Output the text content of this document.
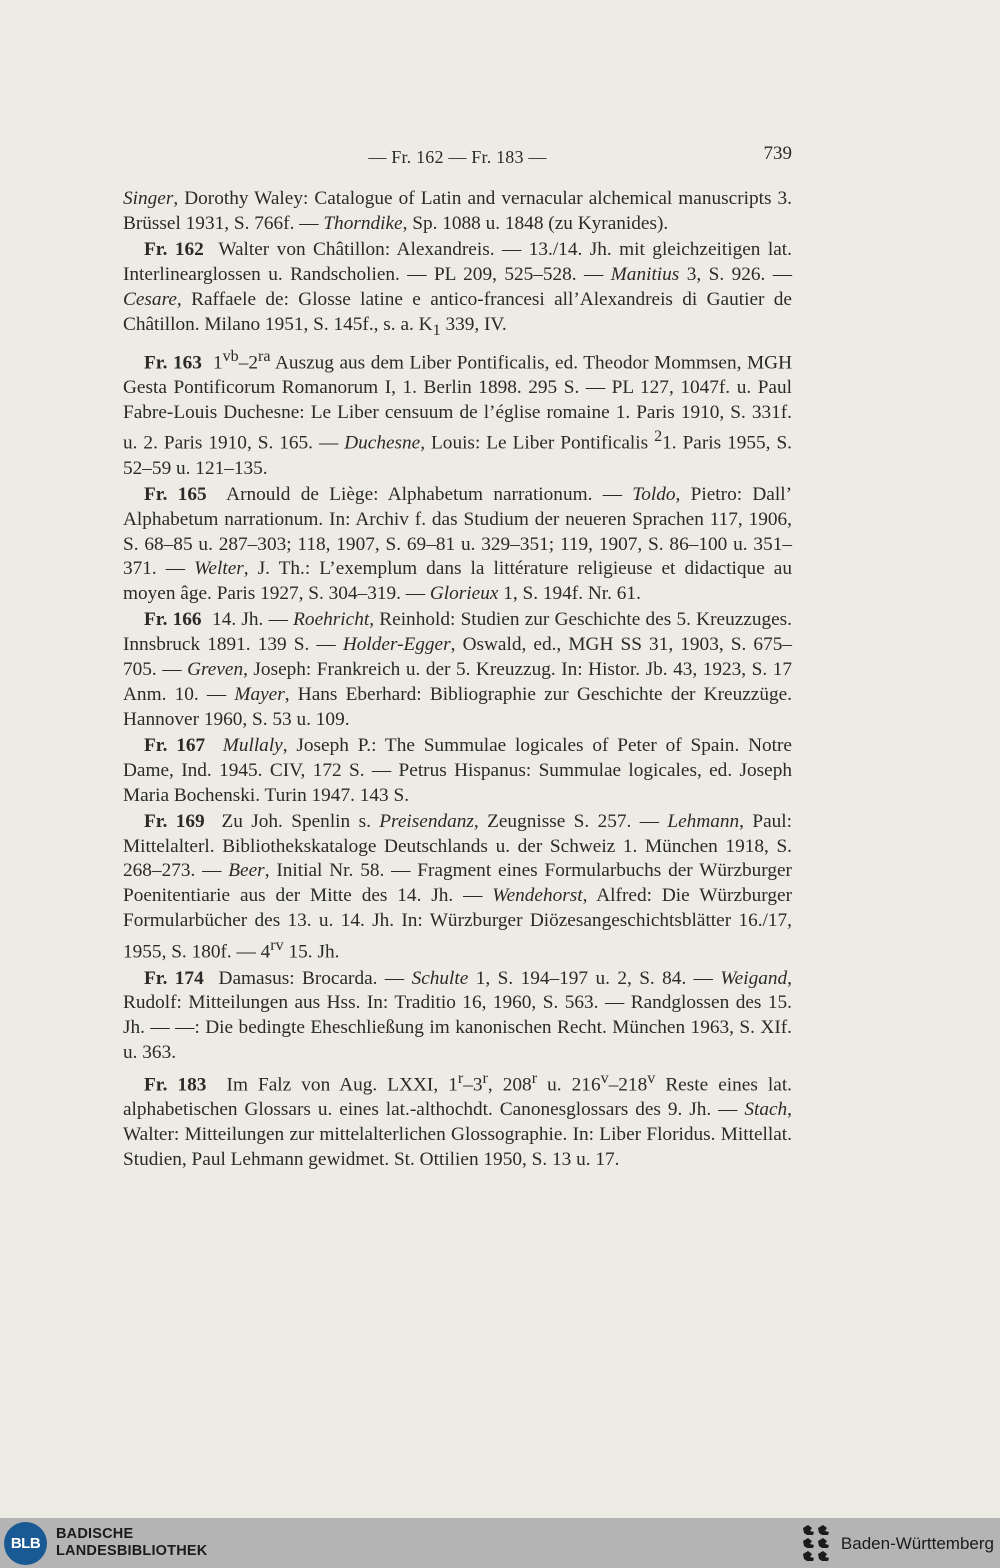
— Fr. 162 — Fr. 183 —	739

Singer, Dorothy Waley: Catalogue of Latin and vernacular alchemical manuscripts 3. Brüssel 1931, S. 766f. — Thorndike, Sp. 1088 u. 1848 (zu Kyranides).

Fr. 162  Walter von Châtillon: Alexandreis. — 13./14. Jh. mit gleichzeitigen lat. Interlinearglossen u. Randscholien. — PL 209, 525–528. — Manitius 3, S. 926. — Cesare, Raffaele de: Glosse latine e antico-francesi all’Alexandreis di Gautier de Châtillon. Milano 1951, S. 145f., s. a. $K_1$ 339, IV.

Fr. 163  $1^{vb}-2^{ra}$ Auszug aus dem Liber Pontificalis, ed. Theodor Mommsen, MGH Gesta Pontificorum Romanorum I, 1. Berlin 1898. 295 S. — PL 127, 1047f. u. Paul Fabre-Louis Duchesne: Le Liber censuum de l’église romaine 1. Paris 1910, S. 331f. u. 2. Paris 1910, S. 165. — Duchesne, Louis: Le Liber Pontificalis $^2$1. Paris 1955, S. 52–59 u. 121–135.

Fr. 165  Arnould de Liège: Alphabetum narrationum. — Toldo, Pietro: Dall’ Alphabetum narrationum. In: Archiv f. das Studium der neueren Sprachen 117, 1906, S. 68–85 u. 287–303; 118, 1907, S. 69–81 u. 329–351; 119, 1907, S. 86–100 u. 351–371. — Welter, J. Th.: L’exemplum dans la littérature religieuse et didactique au moyen âge. Paris 1927, S. 304–319. — Glorieux 1, S. 194f. Nr. 61.

Fr. 166  14. Jh. — Roehricht, Reinhold: Studien zur Geschichte des 5. Kreuzzuges. Innsbruck 1891. 139 S. — Holder-Egger, Oswald, ed., MGH SS 31, 1903, S. 675–705. — Greven, Joseph: Frankreich u. der 5. Kreuzzug. In: Histor. Jb. 43, 1923, S. 17 Anm. 10. — Mayer, Hans Eberhard: Bibliographie zur Geschichte der Kreuzzüge. Hannover 1960, S. 53 u. 109.

Fr. 167 Mullaly, Joseph P.: The Summulae logicales of Peter of Spain. Notre Dame, Ind. 1945. CIV, 172 S. — Petrus Hispanus: Summulae logicales, ed. Joseph Maria Bochenski. Turin 1947. 143 S.

Fr. 169  Zu Joh. Spenlin s. Preisendanz, Zeugnisse S. 257. — Lehmann, Paul: Mittelalterl. Bibliothekskataloge Deutschlands u. der Schweiz 1. München 1918, S. 268–273. — Beer, Initial Nr. 58. — Fragment eines Formularbuchs der Würzburger Poenitentiarie aus der Mitte des 14. Jh. — Wendehorst, Alfred: Die Würzburger Formularbücher des 13. u. 14. Jh. In: Würzburger Diözesangeschichtsblätter 16./17, 1955, S. 180f. — $4^{rv}$ 15. Jh.

Fr. 174  Damasus: Brocarda. — Schulte 1, S. 194–197 u. 2, S. 84. — Weigand, Rudolf: Mitteilungen aus Hss. In: Traditio 16, 1960, S. 563. — Randglossen des 15. Jh. — —: Die bedingte Eheschließung im kanonischen Recht. München 1963, S. XIf. u. 363.

Fr. 183  Im Falz von Aug. LXXI, 1$^r$–3$^r$, 208$^r$ u. 216$^v$–218$^v$ Reste eines lat. alphabetischen Glossars u. eines lat.-althochdt. Canonesglossars des 9. Jh. — Stach, Walter: Mitteilungen zur mittelalterlichen Glossographie. In: Liber Floridus. Mittellat. Studien, Paul Lehmann gewidmet. St. Ottilien 1950, S. 13 u. 17.

BLB
BADISCHE
LANDESBIBLIOTHEK	Baden-Württemberg
